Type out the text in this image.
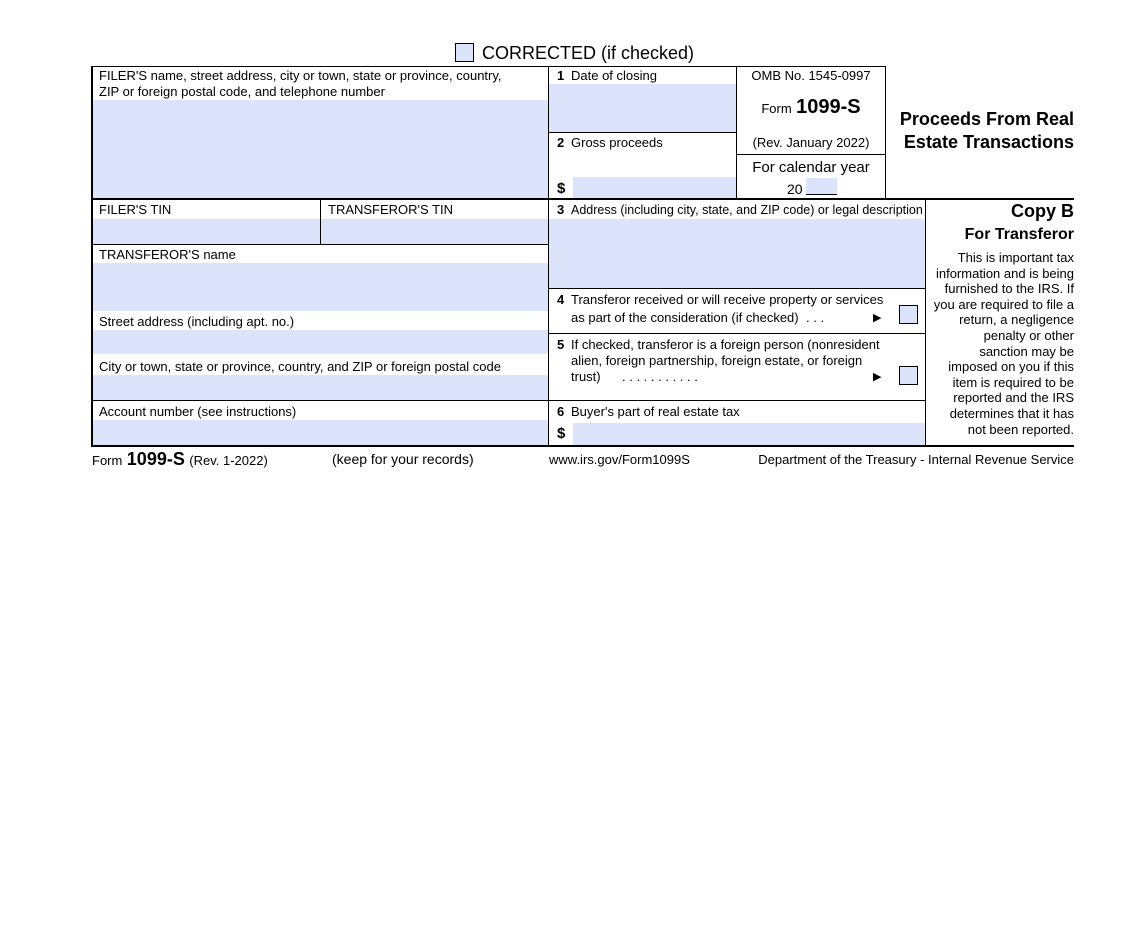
CORRECTED (if checked)
FILER'S name, street address, city or town, state or province, country,
ZIP or foreign postal code, and telephone number
1 Date of closing
2 Gross proceeds
$
OMB No. 1545-0997
Form 1099-S
(Rev. January 2022)
For calendar year
20
Proceeds From Real
Estate Transactions
FILER'S TIN	TRANSFEROR'S TIN
TRANSFEROR'S name
Street address (including apt. no.)
City or town, state or province, country, and ZIP or foreign postal code
Account number (see instructions)
3 Address (including city, state, and ZIP code) or legal description
4 Transferor received or will receive property or services
as part of the consideration (if checked) . . .	▶
5 If checked, transferor is a foreign person (nonresident
alien, foreign partnership, foreign estate, or foreign
trust) . . . . . . . . . . .	▶
6 Buyer's part of real estate tax
$
Copy B
For Transferor
This is important tax
information and is being
furnished to the IRS. If
you are required to file a
return, a negligence
penalty or other
sanction may be
imposed on you if this
item is required to be
reported and the IRS
determines that it has
not been reported.
Form 1099-S (Rev. 1-2022)	(keep for your records)	www.irs.gov/Form1099S	Department of the Treasury - Internal Revenue Service
